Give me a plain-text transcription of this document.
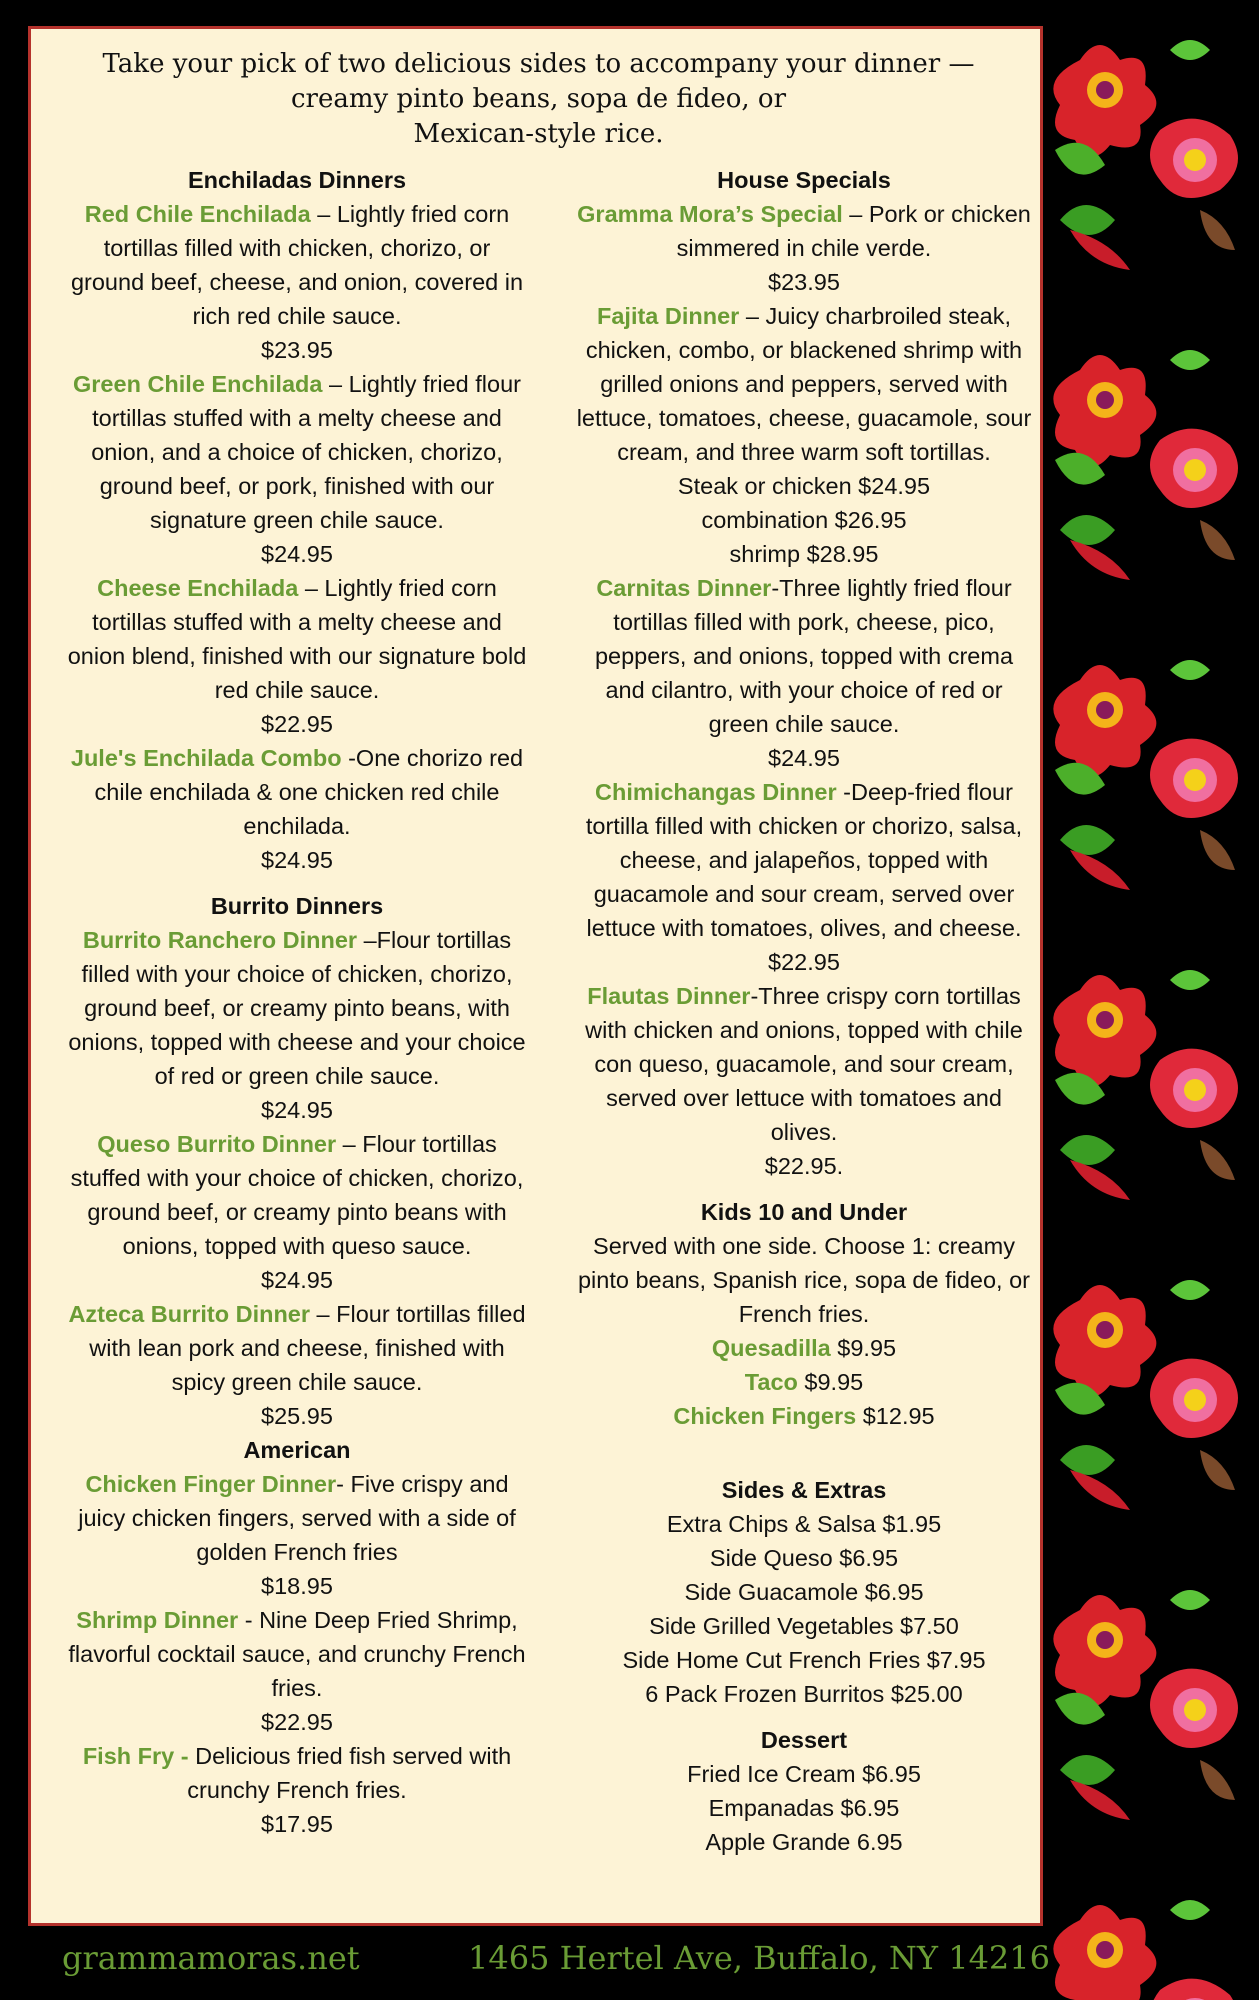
Take your pick of two delicious sides to accompany your dinner —
creamy pinto beans, sopa de fideo, or
Mexican-style rice.
Enchiladas Dinners
Red Chile Enchilada – Lightly fried corn tortillas filled with chicken, chorizo, or ground beef, cheese, and onion, covered in rich red chile sauce.
$23.95
Green Chile Enchilada – Lightly fried flour tortillas stuffed with a melty cheese and onion, and a choice of chicken, chorizo, ground beef, or pork, finished with our signature green chile sauce.
$24.95
Cheese Enchilada – Lightly fried corn tortillas stuffed with a melty cheese and onion blend, finished with our signature bold red chile sauce.
$22.95
Jule's Enchilada Combo -One chorizo red chile enchilada & one chicken red chile enchilada.
$24.95
Burrito Dinners
Burrito Ranchero Dinner –Flour tortillas filled with your choice of chicken, chorizo, ground beef, or creamy pinto beans, with onions, topped with cheese and your choice of red or green chile sauce.
$24.95
Queso Burrito Dinner – Flour tortillas stuffed with your choice of chicken, chorizo, ground beef, or creamy pinto beans with onions, topped with queso sauce.
$24.95
Azteca Burrito Dinner – Flour tortillas filled with lean pork and cheese, finished with spicy green chile sauce.
$25.95
American
Chicken Finger Dinner- Five crispy and juicy chicken fingers, served with a side of golden French fries
$18.95
Shrimp Dinner - Nine Deep Fried Shrimp, flavorful cocktail sauce, and crunchy French fries.
$22.95
Fish Fry - Delicious fried fish served with crunchy French fries.
$17.95
House Specials
Gramma Mora’s Special – Pork or chicken simmered in chile verde.
$23.95
Fajita Dinner – Juicy charbroiled steak, chicken, combo, or blackened shrimp with grilled onions and peppers, served with lettuce, tomatoes, cheese, guacamole, sour cream, and three warm soft tortillas.
Steak or chicken $24.95
combination $26.95
shrimp $28.95
Carnitas Dinner-Three lightly fried flour tortillas filled with pork, cheese, pico, peppers, and onions, topped with crema and cilantro, with your choice of red or green chile sauce.
$24.95
Chimichangas Dinner -Deep-fried flour tortilla filled with chicken or chorizo, salsa, cheese, and jalapeños, topped with guacamole and sour cream, served over lettuce with tomatoes, olives, and cheese.
$22.95
Flautas Dinner-Three crispy corn tortillas with chicken and onions, topped with chile con queso, guacamole, and sour cream, served over lettuce with tomatoes and olives.
$22.95.
Kids 10 and Under
Served with one side. Choose 1: creamy pinto beans, Spanish rice, sopa de fideo, or French fries.
Quesadilla $9.95
Taco $9.95
Chicken Fingers $12.95
Sides & Extras
Extra Chips & Salsa $1.95
Side Queso $6.95
Side Guacamole $6.95
Side Grilled Vegetables $7.50
Side Home Cut French Fries $7.95
6 Pack Frozen Burritos $25.00
Dessert
Fried Ice Cream $6.95
Empanadas $6.95
Apple Grande 6.95
grammamoras.net	1465 Hertel Ave, Buffalo, NY 14216
